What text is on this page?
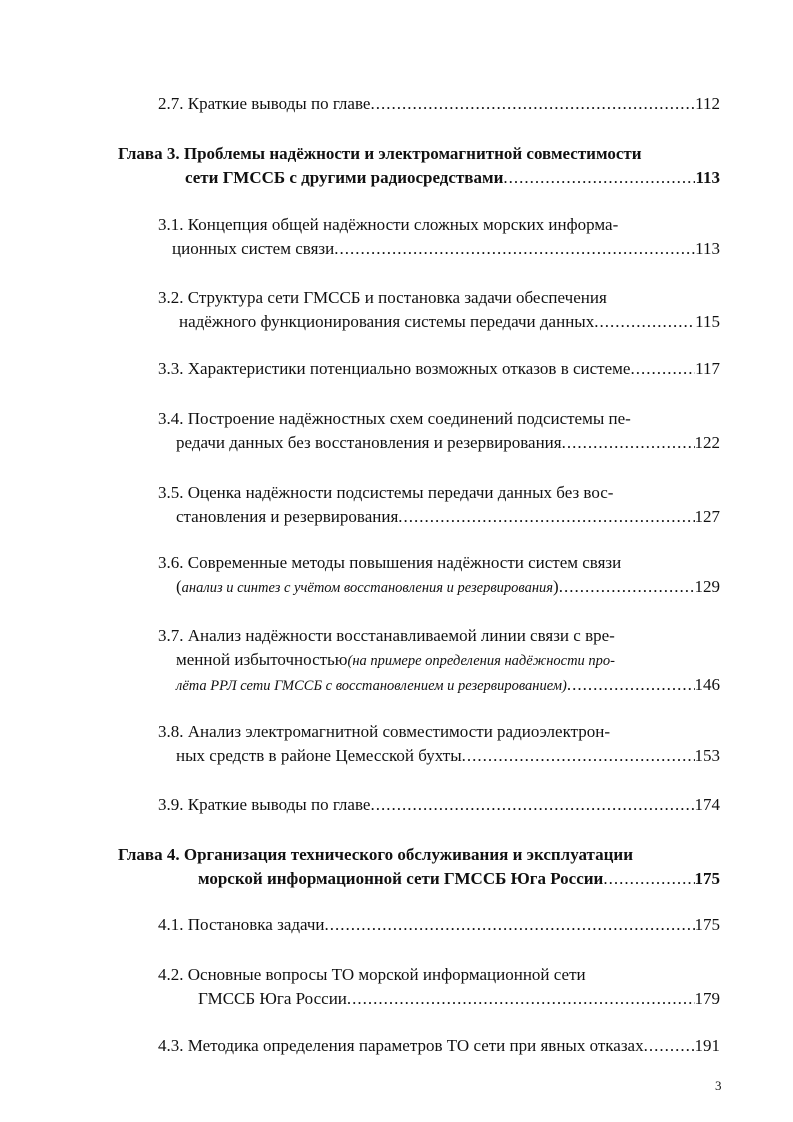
2.7.
Краткие выводы по главе .....	112
Глава 3.
Проблемы надёжности и электромагнитной совместимости
сети ГМССБ с другими радиосредствами .....	113
3.1.
Концепция общей надёжности сложных морских информа-
ционных систем связи .....	113
3.2.
Структура сети ГМССБ и постановка задачи обеспечения
надёжного функционирования системы передачи данных .....	115
3.3.
Характеристики потенциально возможных отказов в системе .....	117
3.4.
Построение надёжностных схем соединений подсистемы пе-
редачи данных без восстановления и резервирования .....	122
3.5.
Оценка надёжности подсистемы передачи данных без вос-
становления и резервирования .....	127
3.6.
Современные методы повышения надёжности систем связи
( анализ и синтез с учётом восстановления и резервирования ) .....	129
3.7.
Анализ надёжности восстанавливаемой линии связи с вре-
менной избыточностью (на примере определения надёжности про-
лёта РРЛ сети ГМССБ с восстановлением и резервированием) .....	146
3.8.
Анализ электромагнитной совместимости радиоэлектрон-
ных средств в районе Цемесской бухты .....	153
3.9.
Краткие выводы по главе .....	174
Глава 4.
Организация технического обслуживания и эксплуатации
морской информационной сети ГМССБ Юга России .....	175
4.1.
Постановка задачи .....	175
4.2.
Основные вопросы ТО морской информационной сети
ГМССБ Юга России .....	179
4.3.
Методика определения параметров ТО сети при явных отказах .....	191
3
